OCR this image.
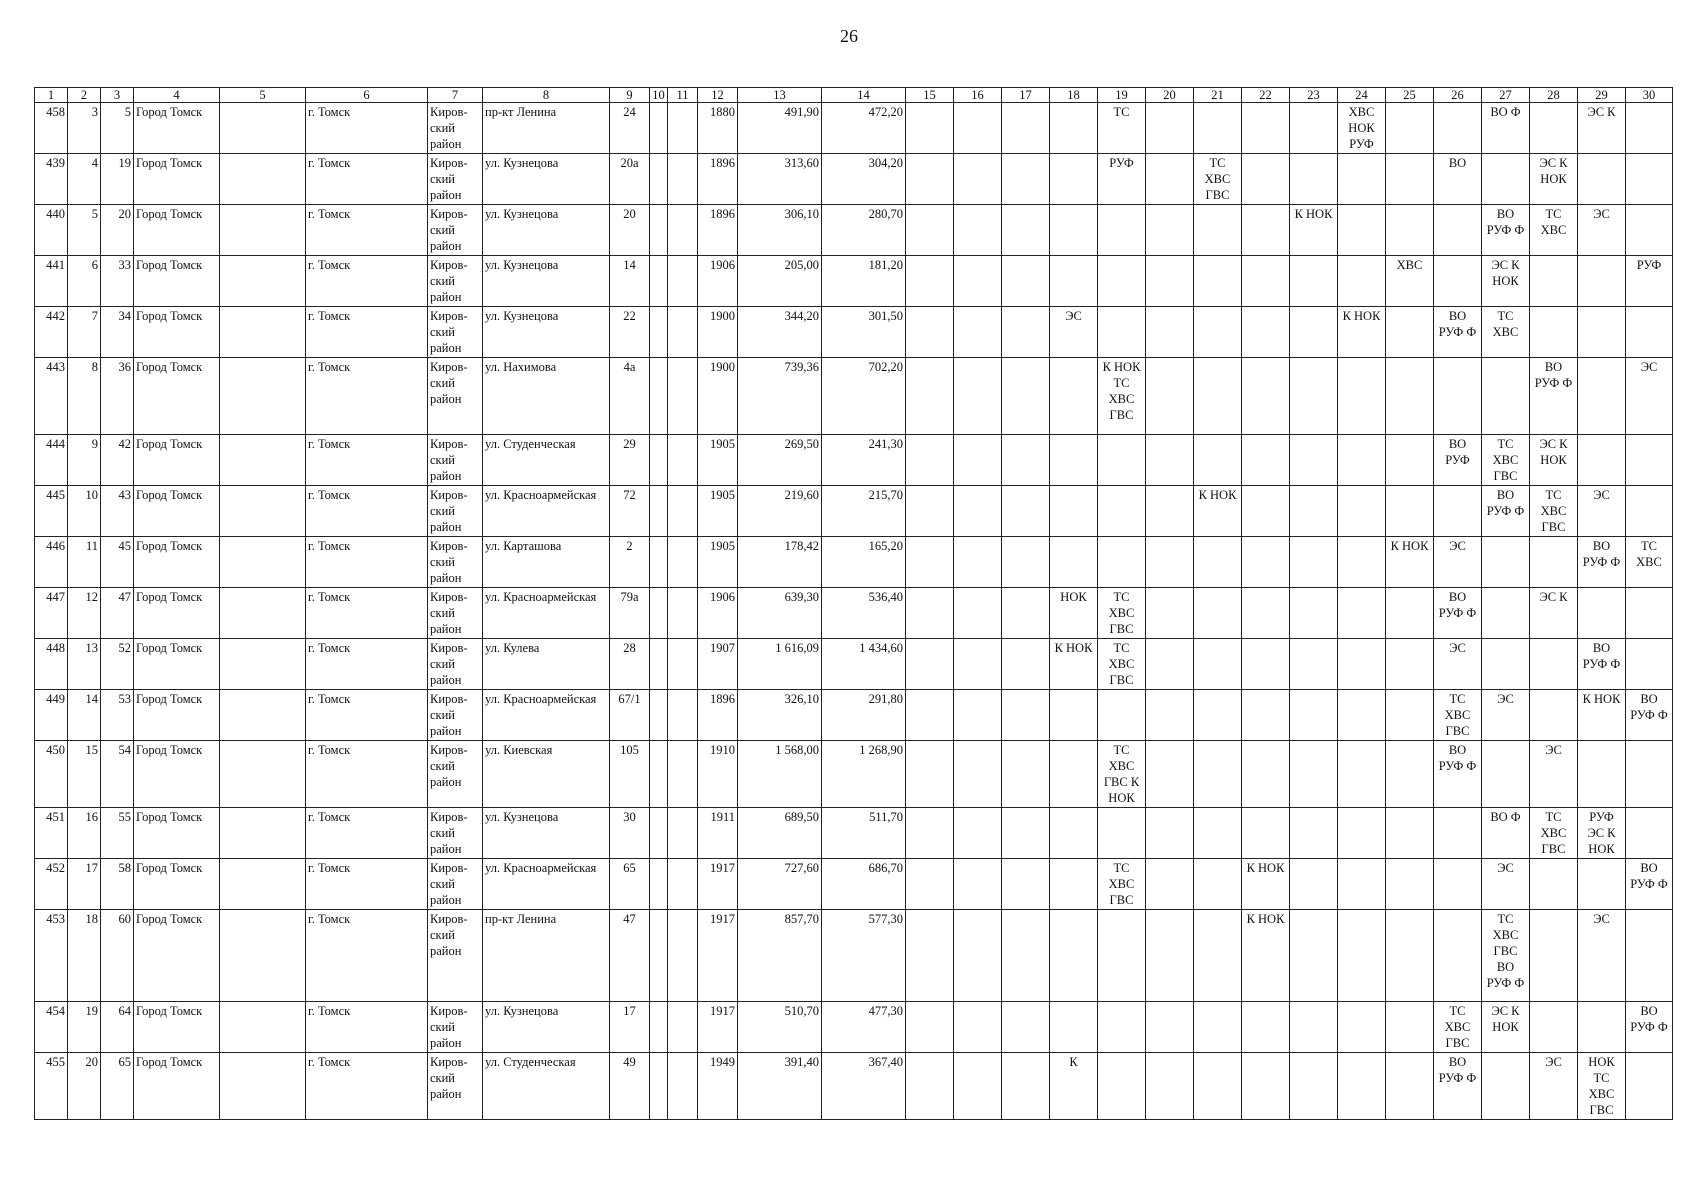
26
1	2	3	4	5	6	7	8	9	10	11	12	13	14	15	16	17	18	19	20	21	22	23	24	25	26	27	28	29	30
458	3	5	Город Томск		г. Томск	Киров-ский район	пр-кт Ленина	24			1880	491,90	472,20					ТС					ХВС НОК РУФ			ВО Ф		ЭС К	
439	4	19	Город Томск		г. Томск	Киров-ский район	ул. Кузнецова	20а			1896	313,60	304,20					РУФ		ТС ХВС ГВС					ВО		ЭС К НОК		
440	5	20	Город Томск		г. Томск	Киров-ский район	ул. Кузнецова	20			1896	306,10	280,70									К НОК				ВО РУФ Ф	ТС ХВС	ЭС	
441	6	33	Город Томск		г. Томск	Киров-ский район	ул. Кузнецова	14			1906	205,00	181,20											ХВС		ЭС К НОК			РУФ
442	7	34	Город Томск		г. Томск	Киров-ский район	ул. Кузнецова	22			1900	344,20	301,50				ЭС						К НОК		ВО РУФ Ф	ТС ХВС			
443	8	36	Город Томск		г. Томск	Киров-ский район	ул. Нахимова	4а			1900	739,36	702,20					К НОК ТС ХВС ГВС									ВО РУФ Ф		ЭС
444	9	42	Город Томск		г. Томск	Киров-ский район	ул. Студенческая	29			1905	269,50	241,30												ВО РУФ	ТС ХВС ГВС	ЭС К НОК		
445	10	43	Город Томск		г. Томск	Киров-ский район	ул. Красноармейская	72			1905	219,60	215,70							К НОК						ВО РУФ Ф	ТС ХВС ГВС	ЭС	
446	11	45	Город Томск		г. Томск	Киров-ский район	ул. Карташова	2			1905	178,42	165,20											К НОК	ЭС			ВО РУФ Ф	ТС ХВС
447	12	47	Город Томск		г. Томск	Киров-ский район	ул. Красноармейская	79а			1906	639,30	536,40				НОК	ТС ХВС ГВС							ВО РУФ Ф		ЭС К		
448	13	52	Город Томск		г. Томск	Киров-ский район	ул. Кулева	28			1907	1 616,09	1 434,60				К НОК	ТС ХВС ГВС							ЭС			ВО РУФ Ф	
449	14	53	Город Томск		г. Томск	Киров-ский район	ул. Красноармейская	67/1			1896	326,10	291,80												ТС ХВС ГВС	ЭС		К НОК	ВО РУФ Ф
450	15	54	Город Томск		г. Томск	Киров-ский район	ул. Киевская	105			1910	1 568,00	1 268,90					ТС ХВС ГВС К НОК							ВО РУФ Ф		ЭС		
451	16	55	Город Томск		г. Томск	Киров-ский район	ул. Кузнецова	30			1911	689,50	511,70													ВО Ф	ТС ХВС ГВС	РУФ ЭС К НОК	
452	17	58	Город Томск		г. Томск	Киров-ский район	ул. Красноармейская	65			1917	727,60	686,70					ТС ХВС ГВС			К НОК					ЭС			ВО РУФ Ф
453	18	60	Город Томск		г. Томск	Киров-ский район	пр-кт Ленина	47			1917	857,70	577,30								К НОК					ТС ХВС ГВС ВО РУФ Ф		ЭС	
454	19	64	Город Томск		г. Томск	Киров-ский район	ул. Кузнецова	17			1917	510,70	477,30												ТС ХВС ГВС	ЭС К НОК			ВО РУФ Ф
455	20	65	Город Томск		г. Томск	Киров-ский район	ул. Студенческая	49			1949	391,40	367,40				К								ВО РУФ Ф		ЭС	НОК ТС ХВС ГВС	
